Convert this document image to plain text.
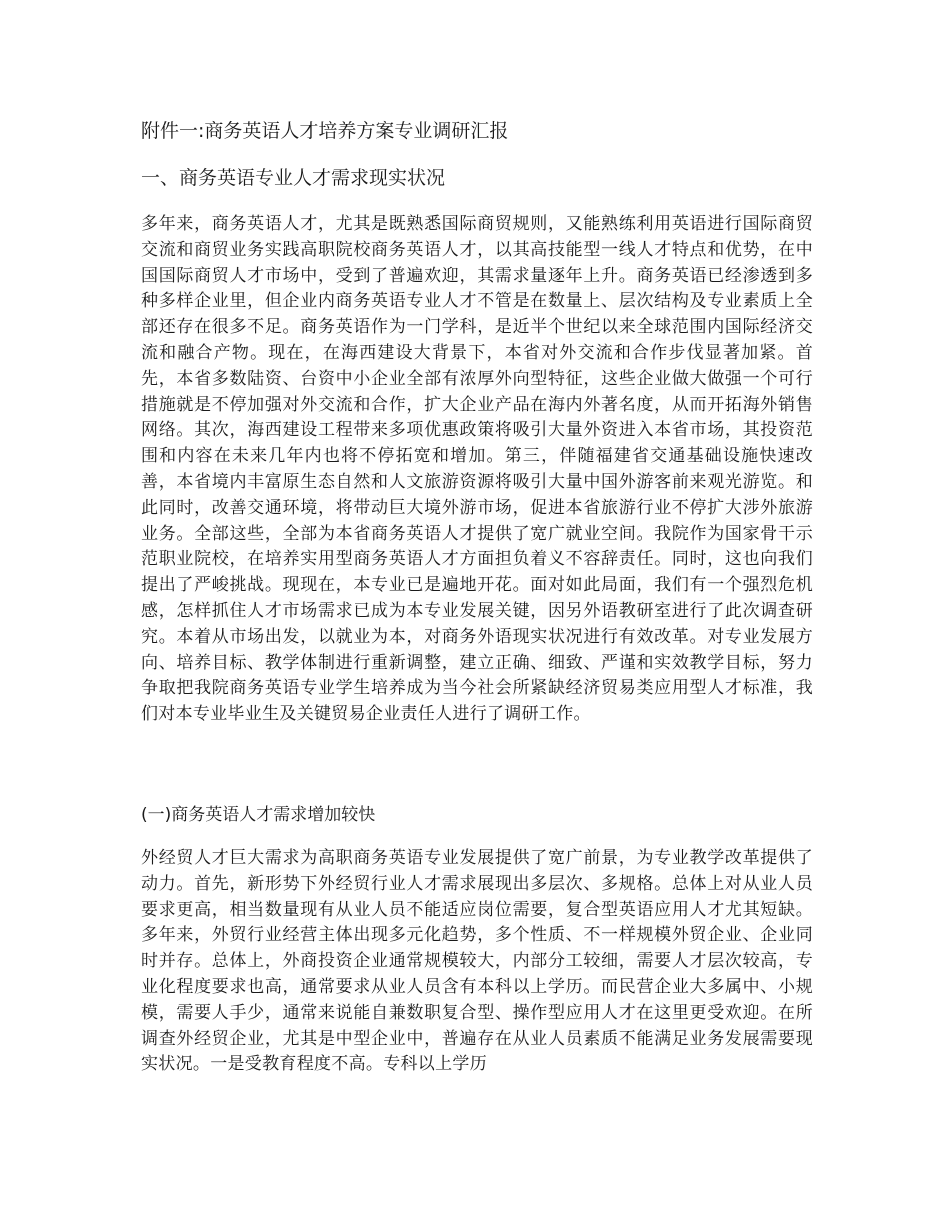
附件一:商务英语人才培养方案专业调研汇报
一、商务英语专业人才需求现实状况

多年来，商务英语人才，尤其是既熟悉国际商贸规则，又能熟练利用英语进行国际商贸交流和商贸业务实践高职院校商务英语人才，以其高技能型一线人才特点和优势，在中国国际商贸人才市场中，受到了普遍欢迎，其需求量逐年上升。商务英语已经渗透到多种多样企业里，但企业内商务英语专业人才不管是在数量上、层次结构及专业素质上全部还存在很多不足。商务英语作为一门学科，是近半个世纪以来全球范围内国际经济交流和融合产物。现在，在海西建设大背景下，本省对外交流和合作步伐显著加紧。首先，本省多数陆资、台资中小企业全部有浓厚外向型特征，这些企业做大做强一个可行措施就是不停加强对外交流和合作，扩大企业产品在海内外著名度，从而开拓海外销售网络。其次，海西建设工程带来多项优惠政策将吸引大量外资进入本省市场，其投资范围和内容在未来几年内也将不停拓宽和增加。第三，伴随福建省交通基础设施快速改善，本省境内丰富原生态自然和人文旅游资源将吸引大量中国外游客前来观光游览。和此同时，改善交通环境，将带动巨大境外游市场，促进本省旅游行业不停扩大涉外旅游业务。全部这些，全部为本省商务英语人才提供了宽广就业空间。我院作为国家骨干示范职业院校，在培养实用型商务英语人才方面担负着义不容辞责任。同时，这也向我们提出了严峻挑战。现现在，本专业已是遍地开花。面对如此局面，我们有一个强烈危机感，怎样抓住人才市场需求已成为本专业发展关键，因另外语教研室进行了此次调查研究。本着从市场出发，以就业为本，对商务外语现实状况进行有效改革。对专业发展方向、培养目标、教学体制进行重新调整，建立正确、细致、严谨和实效教学目标，努力争取把我院商务英语专业学生培养成为当今社会所紧缺经济贸易类应用型人才标准，我们对本专业毕业生及关键贸易企业责任人进行了调研工作。

(一)商务英语人才需求增加较快

外经贸人才巨大需求为高职商务英语专业发展提供了宽广前景，为专业教学改革提供了动力。首先，新形势下外经贸行业人才需求展现出多层次、多规格。总体上对从业人员要求更高，相当数量现有从业人员不能适应岗位需要，复合型英语应用人才尤其短缺。多年来，外贸行业经营主体出现多元化趋势，多个性质、不一样规模外贸企业、企业同时并存。总体上，外商投资企业通常规模较大，内部分工较细，需要人才层次较高，专业化程度要求也高，通常要求从业人员含有本科以上学历。而民营企业大多属中、小规模，需要人手少，通常来说能自兼数职复合型、操作型应用人才在这里更受欢迎。在所调查外经贸企业，尤其是中型企业中，普遍存在从业人员素质不能满足业务发展需要现实状况。一是受教育程度不高。专科以上学历
